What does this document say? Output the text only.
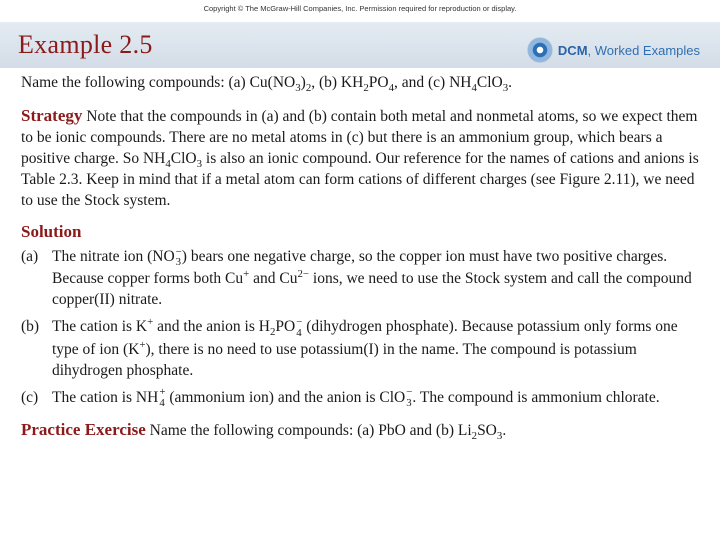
Copyright © The McGraw-Hill Companies, Inc. Permission required for reproduction or display.
Example 2.5	DCM, Worked Examples
Name the following compounds: (a) $Cu(NO_3)_2$, (b) $KH_2PO_4$, and (c) $NH_4ClO_3$.
Strategy Note that the compounds in (a) and (b) contain both metal and nonmetal atoms, so we expect them to be ionic compounds. There are no metal atoms in (c) but there is an ammonium group, which bears a positive charge. So $NH_4ClO_3$ is also an ionic compound. Our reference for the names of cations and anions is Table 2.3. Keep in mind that if a metal atom can form cations of different charges (see Figure 2.11), we need to use the Stock system.
Solution
(a) The nitrate ion (NO −
3 ) bears one negative charge, so the copper ion must have two positive charges. Because copper forms both Cu+ and $Cu^{2-}$ ions, we need to use the Stock system and call the compound copper(II) nitrate.
(b) The cation is K+ and the anion is $H_2PO$ −
4 (dihydrogen phosphate). Because potassium only forms one type of ion (K+), there is no need to use potassium(I) in the name. The compound is potassium dihydrogen phosphate.
(c) The cation is NH +
4 (ammonium ion) and the anion is ClO −
3 . The compound is ammonium chlorate.
Practice Exercise Name the following compounds: (a) PbO and (b) $Li_2SO_3$.
